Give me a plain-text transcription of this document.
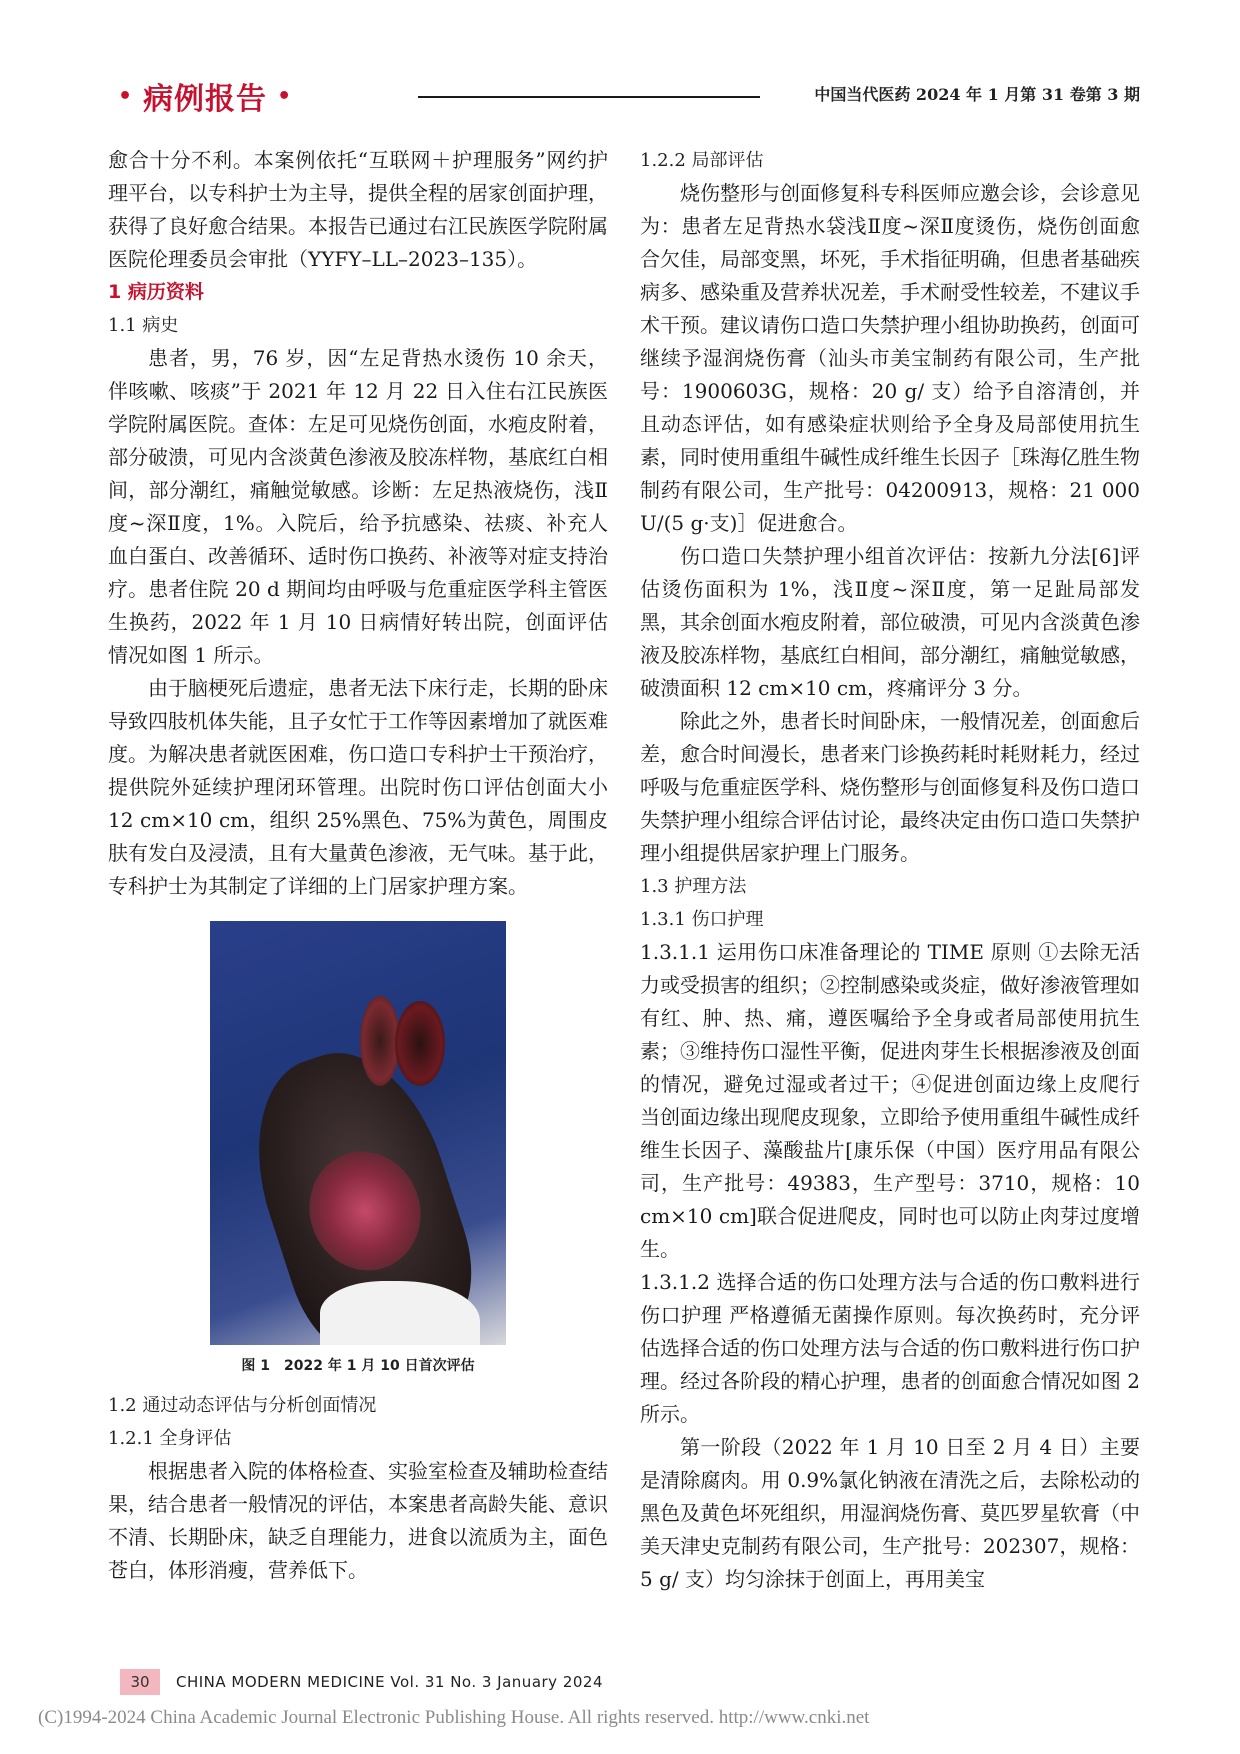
• 病例报告 •	中国当代医药 2024 年 1 月第 31 卷第 3 期

愈合十分不利。本案例依托“互联网＋护理服务”网约护理平台，以专科护士为主导，提供全程的居家创面护理，获得了良好愈合结果。本报告已通过右江民族医学院附属医院伦理委员会审批（YYFY–LL–2023–135）。

1 病历资料
1.1 病史

患者，男，76 岁，因“左足背热水烫伤 10 余天，伴咳嗽、咳痰”于 2021 年 12 月 22 日入住右江民族医学院附属医院。查体：左足可见烧伤创面，水疱皮附着，部分破溃，可见内含淡黄色渗液及胶冻样物，基底红白相间，部分潮红，痛触觉敏感。诊断：左足热液烧伤，浅Ⅱ度~深Ⅱ度，1%。入院后，给予抗感染、祛痰、补充人血白蛋白、改善循环、适时伤口换药、补液等对症支持治疗。患者住院 20 d 期间均由呼吸与危重症医学科主管医生换药，2022 年 1 月 10 日病情好转出院，创面评估情况如图 1 所示。

由于脑梗死后遗症，患者无法下床行走，长期的卧床导致四肢机体失能，且子女忙于工作等因素增加了就医难度。为解决患者就医困难，伤口造口专科护士干预治疗，提供院外延续护理闭环管理。出院时伤口评估创面大小 12 cm×10 cm，组织 25%黑色、75%为黄色，周围皮肤有发白及浸渍，且有大量黄色渗液，无气味。基于此，专科护士为其制定了详细的上门居家护理方案。

图 1　2022 年 1 月 10 日首次评估
1.2 通过动态评估与分析创面情况
1.2.1 全身评估

根据患者入院的体格检查、实验室检查及辅助检查结果，结合患者一般情况的评估，本案患者高龄失能、意识不清、长期卧床，缺乏自理能力，进食以流质为主，面色苍白，体形消瘦，营养低下。

1.2.2 局部评估

烧伤整形与创面修复科专科医师应邀会诊，会诊意见为：患者左足背热水袋浅Ⅱ度~深Ⅱ度烫伤，烧伤创面愈合欠佳，局部变黑，坏死，手术指征明确，但患者基础疾病多、感染重及营养状况差，手术耐受性较差，不建议手术干预。建议请伤口造口失禁护理小组协助换药，创面可继续予湿润烧伤膏（汕头市美宝制药有限公司，生产批号：1900603G，规格：20 g/ 支）给予自溶清创，并且动态评估，如有感染症状则给予全身及局部使用抗生素，同时使用重组牛碱性成纤维生长因子［珠海亿胜生物制药有限公司，生产批号：04200913，规格：21 000 U/(5 g·支)］促进愈合。

伤口造口失禁护理小组首次评估：按新九分法[6]评估烫伤面积为 1%，浅Ⅱ度~深Ⅱ度，第一足趾局部发黑，其余创面水疱皮附着，部位破溃，可见内含淡黄色渗液及胶冻样物，基底红白相间，部分潮红，痛触觉敏感，破溃面积 12 cm×10 cm，疼痛评分 3 分。

除此之外，患者长时间卧床，一般情况差，创面愈后差，愈合时间漫长，患者来门诊换药耗时耗财耗力，经过呼吸与危重症医学科、烧伤整形与创面修复科及伤口造口失禁护理小组综合评估讨论，最终决定由伤口造口失禁护理小组提供居家护理上门服务。

1.3 护理方法
1.3.1 伤口护理

1.3.1.1 运用伤口床准备理论的 TIME 原则 ①去除无活力或受损害的组织；②控制感染或炎症，做好渗液管理如有红、肿、热、痛，遵医嘱给予全身或者局部使用抗生素；③维持伤口湿性平衡，促进肉芽生长根据渗液及创面的情况，避免过湿或者过干；④促进创面边缘上皮爬行 当创面边缘出现爬皮现象，立即给予使用重组牛碱性成纤维生长因子、藻酸盐片[康乐保（中国）医疗用品有限公司，生产批号：49383，生产型号：3710，规格：10 cm×10 cm]联合促进爬皮，同时也可以防止肉芽过度增生。

1.3.1.2 选择合适的伤口处理方法与合适的伤口敷料进行伤口护理 严格遵循无菌操作原则。每次换药时，充分评估选择合适的伤口处理方法与合适的伤口敷料进行伤口护理。经过各阶段的精心护理，患者的创面愈合情况如图 2 所示。

第一阶段（2022 年 1 月 10 日至 2 月 4 日）主要是清除腐肉。用 0.9%氯化钠液在清洗之后，去除松动的黑色及黄色坏死组织，用湿润烧伤膏、莫匹罗星软膏（中美天津史克制药有限公司，生产批号：202307，规格：5 g/ 支）均匀涂抹于创面上，再用美宝

30	CHINA MODERN MEDICINE Vol. 31 No. 3 January 2024
(C)1994-2024 China Academic Journal Electronic Publishing House. All rights reserved. http://www.cnki.net
